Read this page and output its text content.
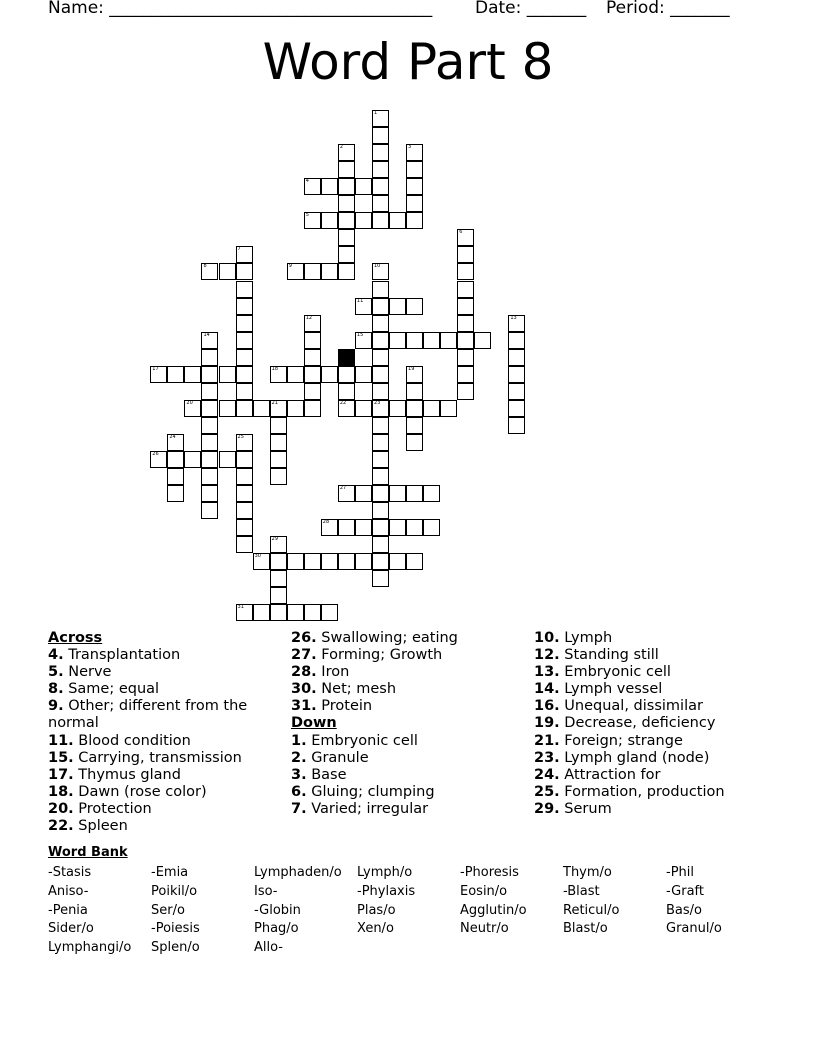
Name: ______________________________________	Date: _______ Period: _______
Word Part 8
1
2	3
4
5
6
7
8	9	10
23
11
12	13
14	15
22
17	18	19
20	21
24	25
26
27
28
29
30
31
Across
4. Transplantation
5. Nerve
8. Same; equal
9. Other; different from the normal
11. Blood condition
15. Carrying, transmission
17. Thymus gland
18. Dawn (rose color)
20. Protection
22. Spleen
26. Swallowing; eating
27. Forming; Growth
28. Iron
30. Net; mesh
31. Protein
Down
1. Embryonic cell
2. Granule
3. Base
6. Gluing; clumping
7. Varied; irregular
10. Lymph
12. Standing still
13. Embryonic cell
14. Lymph vessel
16. Unequal, dissimilar
19. Decrease, deficiency
21. Foreign; strange
23. Lymph gland (node)
24. Attraction for
25. Formation, production
29. Serum
Word Bank
-Stasis	-Emia	Lymphaden/o	Lymph/o	-Phoresis	Thym/o	-Phil
Aniso-	Poikil/o	Iso-	-Phylaxis	Eosin/o	-Blast	-Graft
-Penia	Ser/o	-Globin	Plas/o	Agglutin/o	Reticul/o	Bas/o
Sider/o	-Poiesis	Phag/o	Xen/o	Neutr/o	Blast/o	Granul/o
Lymphangi/o	Splen/o	Allo-
